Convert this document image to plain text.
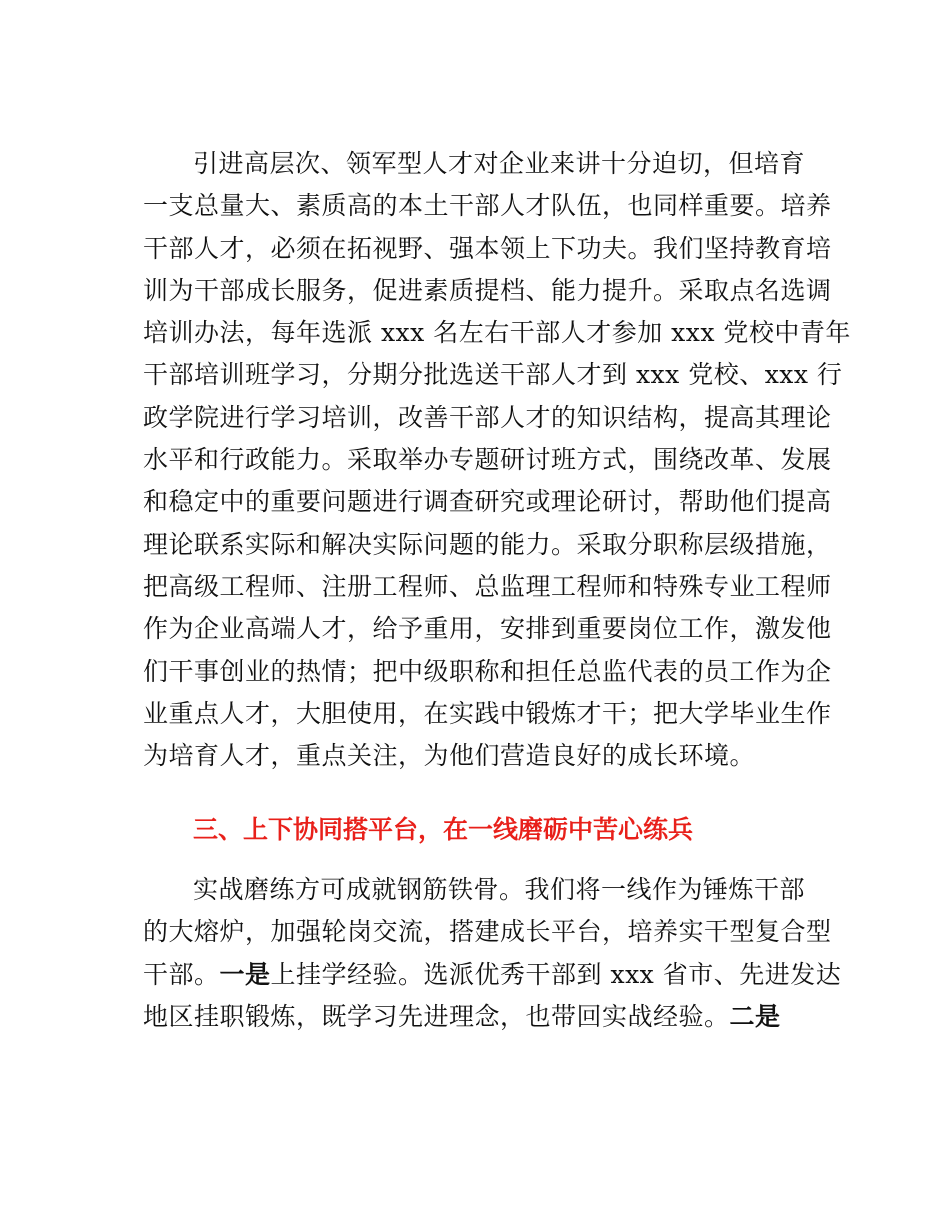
引进高层次、领军型人才对企业来讲十分迫切，但培育
一支总量大、素质高的本土干部人才队伍，也同样重要。培养
干部人才，必须在拓视野、强本领上下功夫。我们坚持教育培
训为干部成长服务，促进素质提档、能力提升。采取点名选调
培训办法，每年选派 xxx 名左右干部人才参加 xxx 党校中青年
干部培训班学习，分期分批选送干部人才到 xxx 党校、xxx 行
政学院进行学习培训，改善干部人才的知识结构，提高其理论
水平和行政能力。采取举办专题研讨班方式，围绕改革、发展
和稳定中的重要问题进行调查研究或理论研讨，帮助他们提高
理论联系实际和解决实际问题的能力。采取分职称层级措施，
把高级工程师、注册工程师、总监理工程师和特殊专业工程师
作为企业高端人才，给予重用，安排到重要岗位工作，激发他
们干事创业的热情；把中级职称和担任总监代表的员工作为企
业重点人才，大胆使用，在实践中锻炼才干；把大学毕业生作
为培育人才，重点关注，为他们营造良好的成长环境。

三、上下协同搭平台，在一线磨砺中苦心练兵

实战磨练方可成就钢筋铁骨。我们将一线作为锤炼干部
的大熔炉，加强轮岗交流，搭建成长平台，培养实干型复合型
干部。一是上挂学经验。选派优秀干部到 xxx 省市、先进发达
地区挂职锻炼，既学习先进理念，也带回实战经验。二是
